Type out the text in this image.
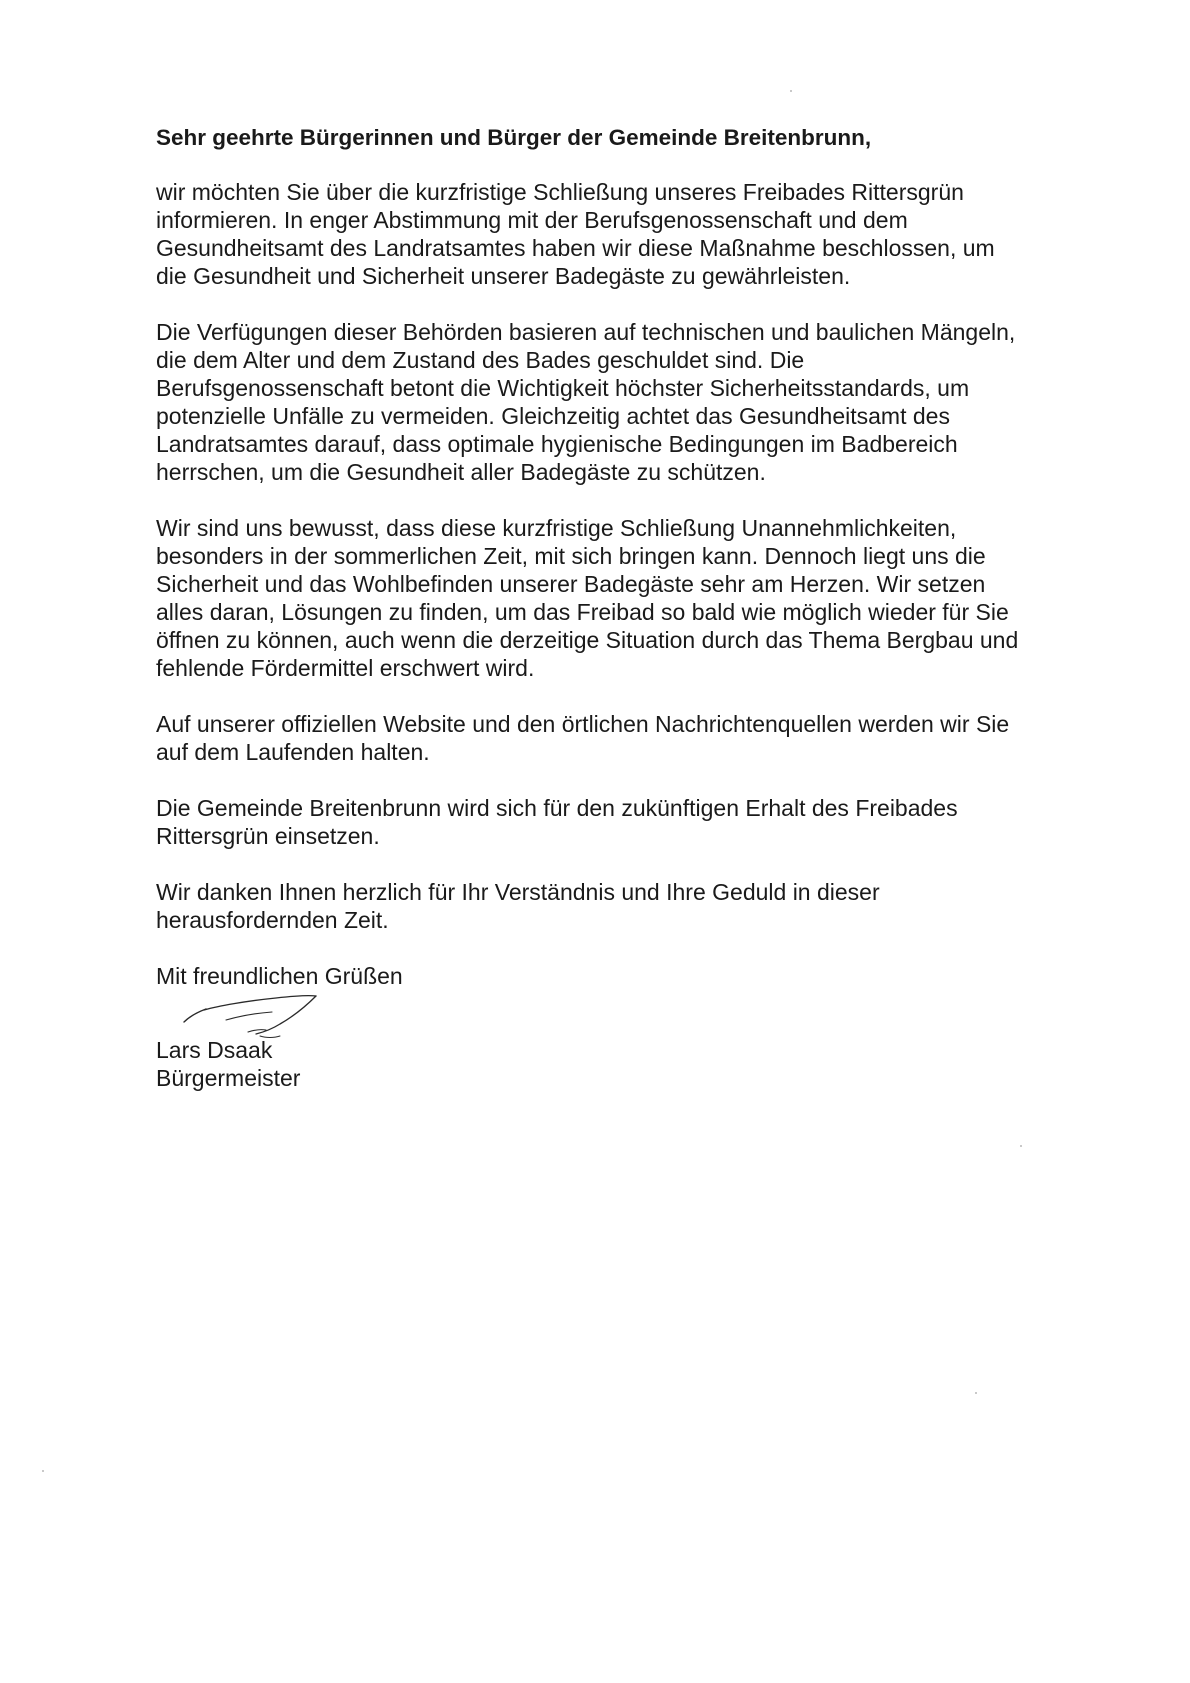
Sehr geehrte Bürgerinnen und Bürger der Gemeinde Breitenbrunn,

wir möchten Sie über die kurzfristige Schließung unseres Freibades Rittersgrün
informieren. In enger Abstimmung mit der Berufsgenossenschaft und dem
Gesundheitsamt des Landratsamtes haben wir diese Maßnahme beschlossen, um
die Gesundheit und Sicherheit unserer Badegäste zu gewährleisten.
Die Verfügungen dieser Behörden basieren auf technischen und baulichen Mängeln,
die dem Alter und dem Zustand des Bades geschuldet sind. Die
Berufsgenossenschaft betont die Wichtigkeit höchster Sicherheitsstandards, um
potenzielle Unfälle zu vermeiden. Gleichzeitig achtet das Gesundheitsamt des
Landratsamtes darauf, dass optimale hygienische Bedingungen im Badbereich
herrschen, um die Gesundheit aller Badegäste zu schützen.
Wir sind uns bewusst, dass diese kurzfristige Schließung Unannehmlichkeiten,
besonders in der sommerlichen Zeit, mit sich bringen kann. Dennoch liegt uns die
Sicherheit und das Wohlbefinden unserer Badegäste sehr am Herzen. Wir setzen
alles daran, Lösungen zu finden, um das Freibad so bald wie möglich wieder für Sie
öffnen zu können, auch wenn die derzeitige Situation durch das Thema Bergbau und
fehlende Fördermittel erschwert wird.
Auf unserer offiziellen Website und den örtlichen Nachrichtenquellen werden wir Sie
auf dem Laufenden halten.
Die Gemeinde Breitenbrunn wird sich für den zukünftigen Erhalt des Freibades
Rittersgrün einsetzen.
Wir danken Ihnen herzlich für Ihr Verständnis und Ihre Geduld in dieser
herausfordernden Zeit.

Mit freundlichen Grüßen

Lars Dsaak
Bürgermeister
